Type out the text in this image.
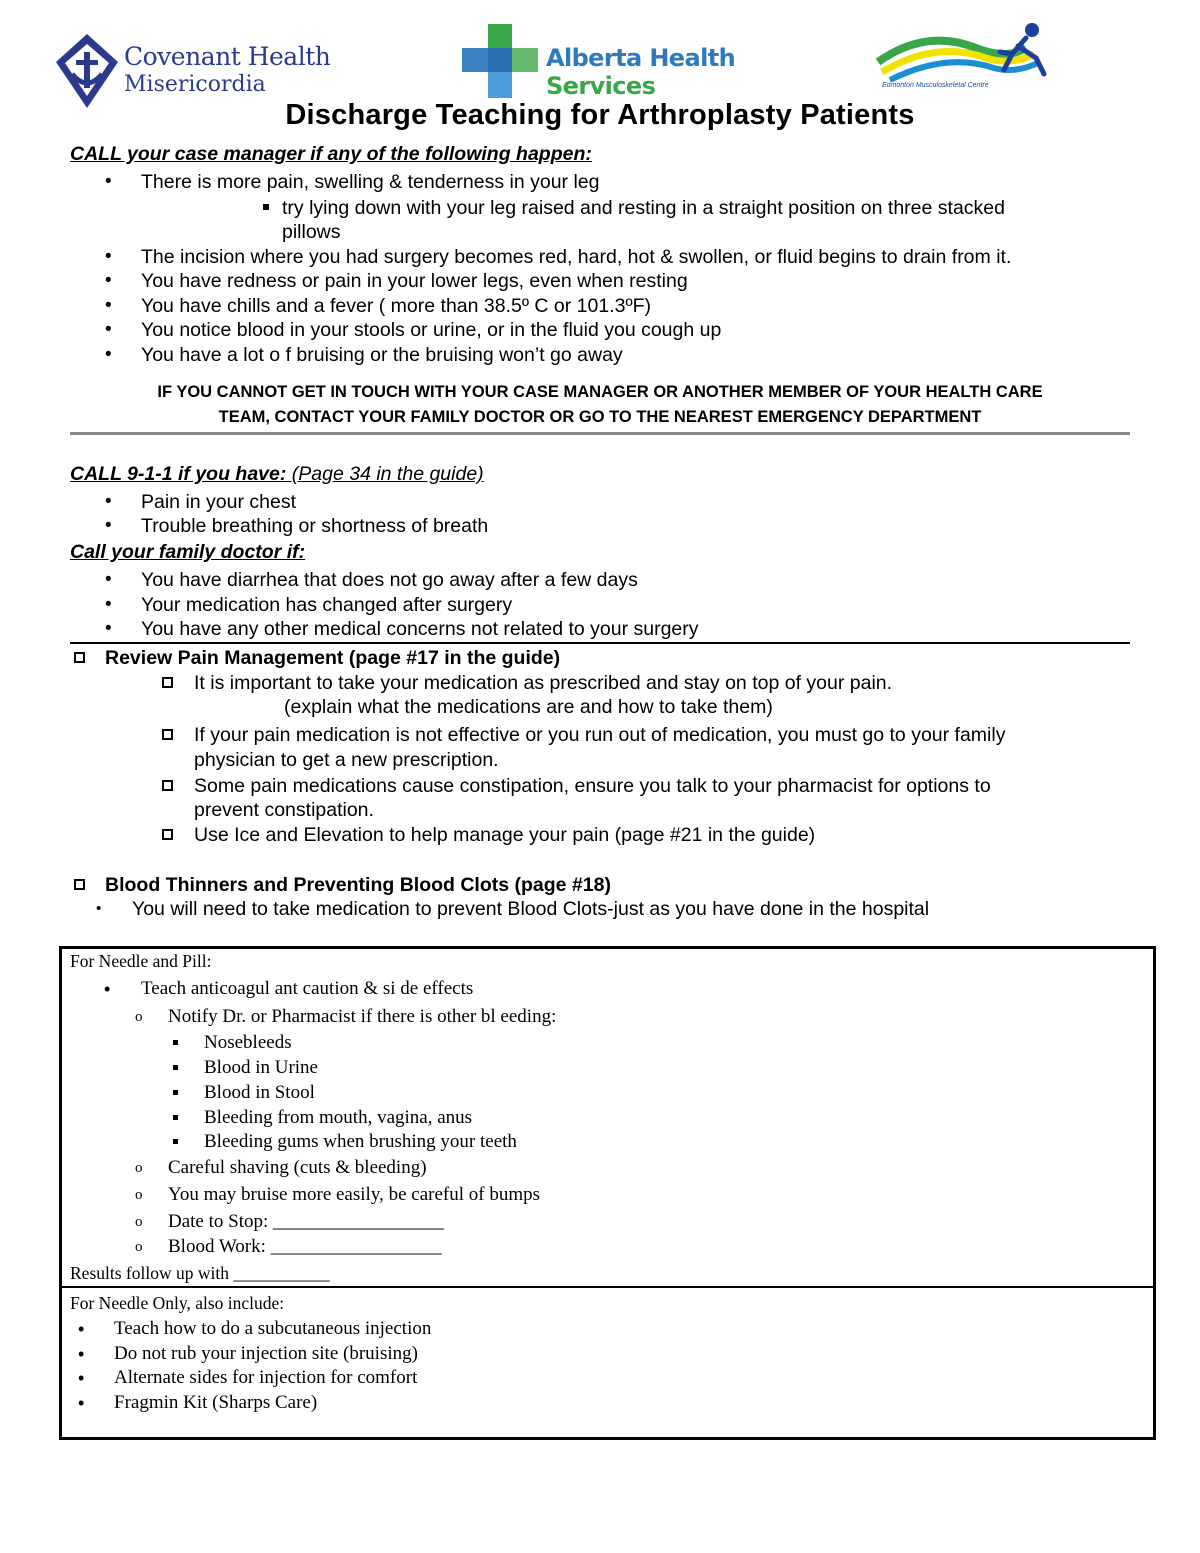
Covenant Health
Misericordia
Alberta Health
Services	Edmonton Musculoskeletal Centre
Discharge Teaching for Arthroplasty Patients
CALL your case manager if any of the following happen:
• There is more pain, swelling & tenderness in your leg
try lying down with your leg raised and resting in a straight position on three stacked
pillows
• The incision where you had surgery becomes red, hard, hot & swollen, or fluid begins to drain from it.
• You have redness or pain in your lower legs, even when resting
• You have chills and a fever ( more than 38.5º C or 101.3ºF)
• You notice blood in your stools or urine, or in the fluid you cough up
• You have a lot o f bruising or the bruising won’t go away
IF YOU CANNOT GET IN TOUCH WITH YOUR CASE MANAGER OR ANOTHER MEMBER OF YOUR HEALTH CARE
TEAM, CONTACT YOUR FAMILY DOCTOR OR GO TO THE NEAREST EMERGENCY DEPARTMENT
CALL 9-1-1 if you have: (Page 34 in the guide)
• Pain in your chest
• Trouble breathing or shortness of breath
Call your family doctor if:
• You have diarrhea that does not go away after a few days
• Your medication has changed after surgery
• You have any other medical concerns not related to your surgery
Review Pain Management (page #17 in the guide)
It is important to take your medication as prescribed and stay on top of your pain.
(explain what the medications are and how to take them)
If your pain medication is not effective or you run out of medication, you must go to your family
physician to get a new prescription.
Some pain medications cause constipation, ensure you talk to your pharmacist for options to
prevent constipation.
Use Ice and Elevation to help manage your pain (page #21 in the guide)
Blood Thinners and Preventing Blood Clots (page #18)
• You will need to take medication to prevent Blood Clots-just as you have done in the hospital
For Needle and Pill:
• Teach anticoagul ant caution & si de effects
o Notify Dr. or Pharmacist if there is other bl eeding:
Nosebleeds
Blood in Urine
Blood in Stool
Bleeding from mouth, vagina, anus
Bleeding gums when brushing your teeth
o Careful shaving (cuts & bleeding)
o You may bruise more easily, be careful of bumps
o Date to Stop: __________________
o Blood Work: __________________
Results follow up with ___________
For Needle Only, also include:
• Teach how to do a subcutaneous injection
• Do not rub your injection site (bruising)
• Alternate sides for injection for comfort
• Fragmin Kit (Sharps Care)
